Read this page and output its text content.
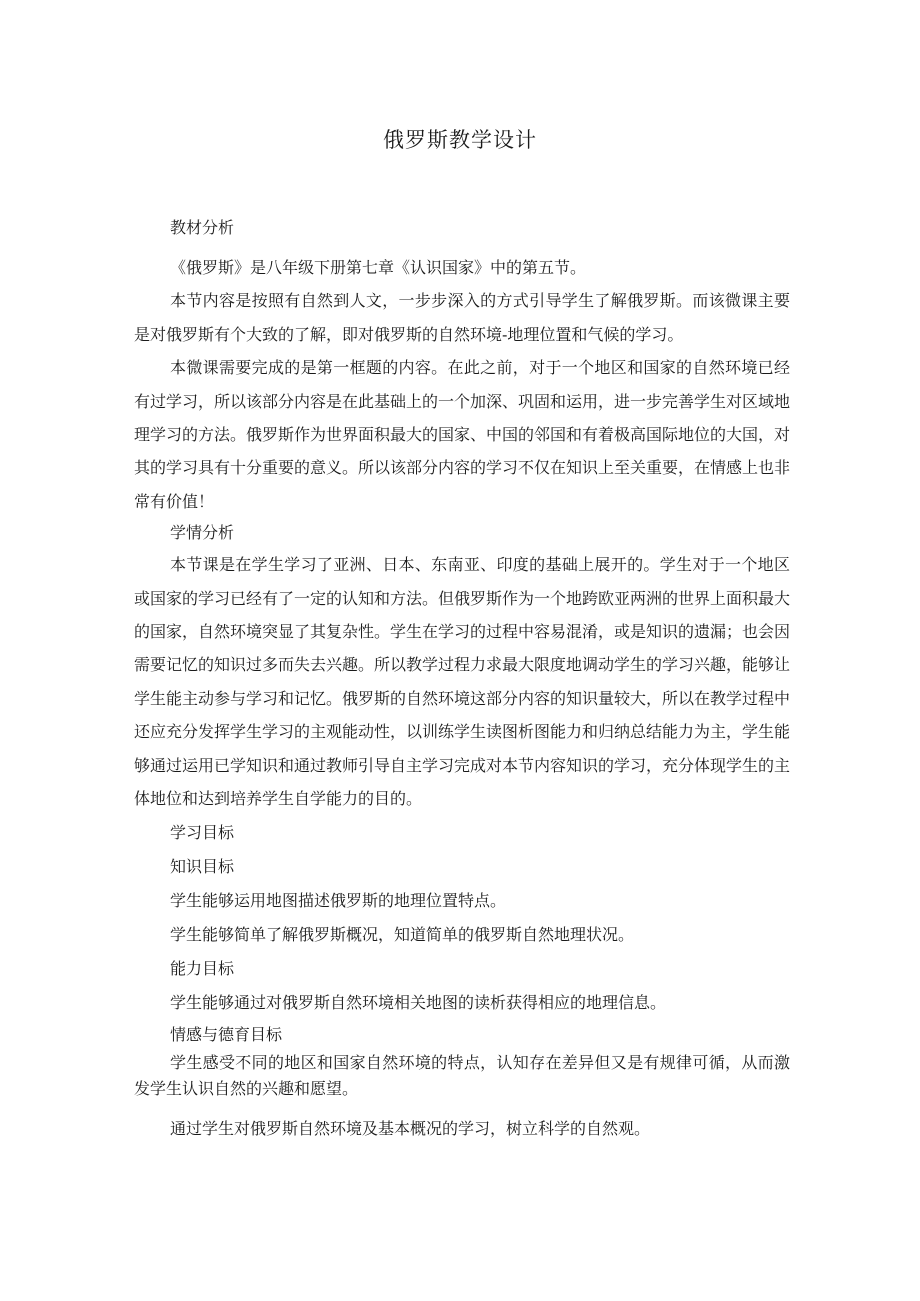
俄罗斯教学设计
教材分析

《俄罗斯》是八年级下册第七章《认识国家》中的第五节。

本节内容是按照有自然到人文，一步步深入的方式引导学生了解俄罗斯。而该微课主要是对俄罗斯有个大致的了解，即对俄罗斯的自然环境-地理位置和气候的学习。

本微课需要完成的是第一框题的内容。在此之前，对于一个地区和国家的自然环境已经有过学习，所以该部分内容是在此基础上的一个加深、巩固和运用，进一步完善学生对区域地理学习的方法。俄罗斯作为世界面积最大的国家、中国的邻国和有着极高国际地位的大国，对其的学习具有十分重要的意义。所以该部分内容的学习不仅在知识上至关重要，在情感上也非常有价值！

学情分析

本节课是在学生学习了亚洲、日本、东南亚、印度的基础上展开的。学生对于一个地区或国家的学习已经有了一定的认知和方法。但俄罗斯作为一个地跨欧亚两洲的世界上面积最大的国家，自然环境突显了其复杂性。学生在学习的过程中容易混淆，或是知识的遗漏；也会因需要记忆的知识过多而失去兴趣。所以教学过程力求最大限度地调动学生的学习兴趣，能够让学生能主动参与学习和记忆。俄罗斯的自然环境这部分内容的知识量较大，所以在教学过程中还应充分发挥学生学习的主观能动性，以训练学生读图析图能力和归纳总结能力为主，学生能够通过运用已学知识和通过教师引导自主学习完成对本节内容知识的学习，充分体现学生的主体地位和达到培养学生自学能力的目的。

学习目标
知识目标
学生能够运用地图描述俄罗斯的地理位置特点。
学生能够简单了解俄罗斯概况，知道简单的俄罗斯自然地理状况。
能力目标
学生能够通过对俄罗斯自然环境相关地图的读析获得相应的地理信息。
情感与德育目标

学生感受不同的地区和国家自然环境的特点，认知存在差异但又是有规律可循，从而激发学生认识自然的兴趣和愿望。

通过学生对俄罗斯自然环境及基本概况的学习，树立科学的自然观。
